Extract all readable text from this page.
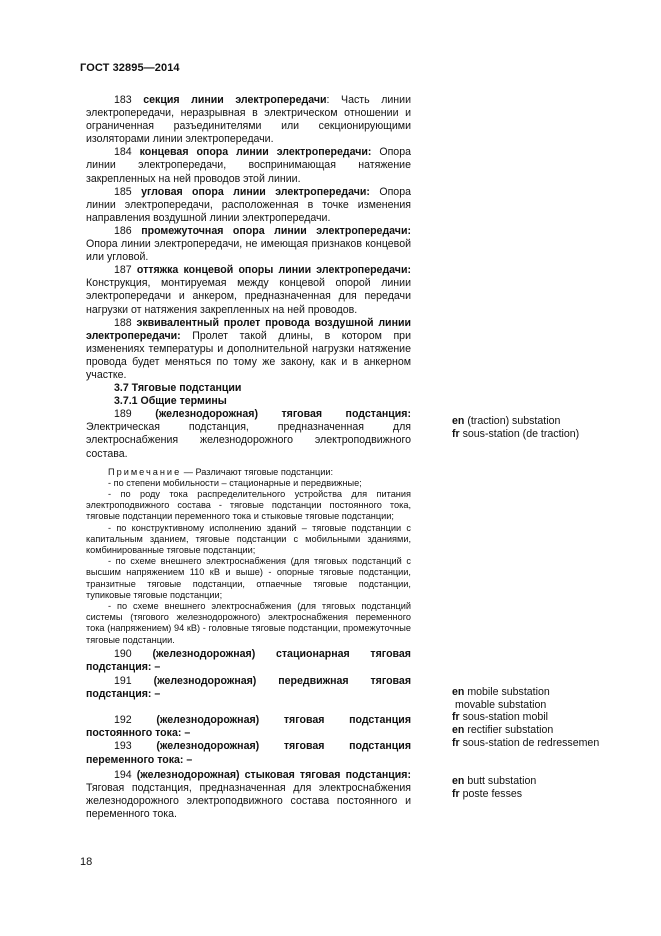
ГОСТ 32895—2014

183 секция линии электропередачи: Часть линии электропередачи, неразрывная в электрическом отношении и ограниченная разъединителями или секционирующими изоляторами линии электропередачи.

184 концевая опора линии электропередачи: Опора линии электропередачи, воспринимающая натяжение закрепленных на ней проводов этой линии.

185 угловая опора линии электропередачи: Опора линии электропередачи, расположенная в точке изменения направления воздушной линии электропередачи.

186 промежуточная опора линии электропередачи: Опора линии электропередачи, не имеющая признаков концевой или угловой.

187 оттяжка концевой опоры линии электропередачи: Конструкция, монтируемая между концевой опорой линии электропередачи и анкером, предназначенная для передачи нагрузки от натяжения закрепленных на ней проводов.

188 эквивалентный пролет провода воздушной линии электропередачи: Пролет такой длины, в котором при изменениях температуры и дополнительной нагрузки натяжение провода будет меняться по тому же закону, как и в анкерном участке.

3.7 Тяговые подстанции

3.7.1 Общие термины

189 (железнодорожная) тяговая подстанция: Электрическая подстанция, предназначенная для электроснабжения железнодорожного электроподвижного состава.

Примечание — Различают тяговые подстанции:

- по степени мобильности – стационарные и передвижные;

- по роду тока распределительного устройства для питания электроподвижного состава - тяговые подстанции постоянного тока, тяговые подстанции переменного тока и стыковые тяговые подстанции;

- по конструктивному исполнению зданий – тяговые подстанции с капитальным зданием, тяговые подстанции с мобильными зданиями, комбинированные тяговые подстанции;

- по схеме внешнего электроснабжения (для тяговых подстанций с высшим напряжением 110 кВ и выше) - опорные тяговые подстанции, транзитные тяговые подстанции, отпаечные тяговые подстанции, тупиковые тяговые подстанции;

- по схеме внешнего электроснабжения (для тяговых подстанций системы (тягового железнодорожного) электроснабжения переменного тока (напряжением) 94 кВ) - головные тяговые подстанции, промежуточные тяговые подстанции.

190 (железнодорожная) стационарная тяговая подстанция: –

191 (железнодорожная) передвижная тяговая подстанция: –

192 (железнодорожная) тяговая подстанция постоянного тока: –

193 (железнодорожная) тяговая подстанция переменного тока: –

194 (железнодорожная) стыковая тяговая подстанция: Тяговая подстанция, предназначенная для электроснабжения железнодорожного электроподвижного состава постоянного и переменного тока.

en (traction) substation
fr sous-station (de traction)
en mobile substation
movable substation
fr sous-station mobil
en rectifier substation
fr sous-station de redressemen
en butt substation
fr poste fesses
18
